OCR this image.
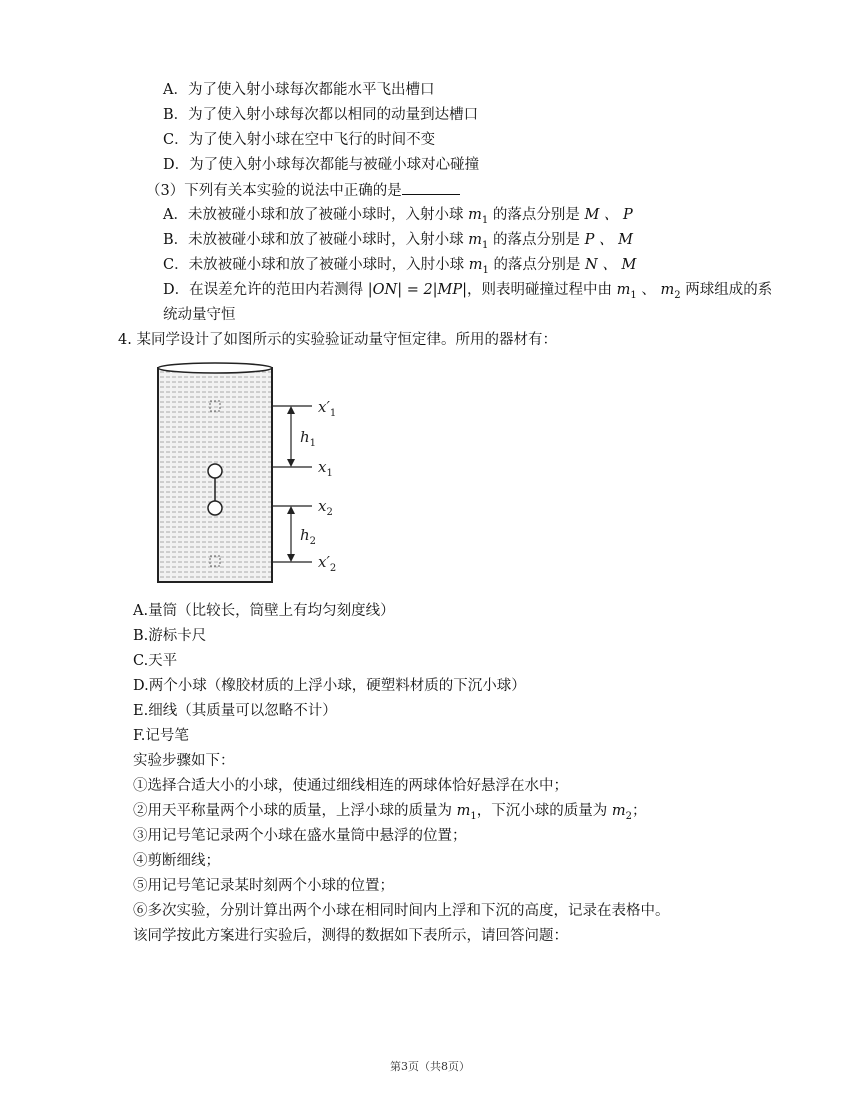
A．为了使入射小球每次都能水平飞出槽口
B．为了使入射小球每次都以相同的动量到达槽口
C．为了使入射小球在空中飞行的时间不变
D．为了使入射小球每次都能与被碰小球对心碰撞
（3）下列有关本实验的说法中正确的是
A．未放被碰小球和放了被碰小球时，入射小球 $m_1$ 的落点分别是 M 、 P
B．未放被碰小球和放了被碰小球时，入射小球 $m_1$ 的落点分别是 P 、 M
C．未放被碰小球和放了被碰小球时，入肘小球 $m_1$ 的落点分别是 N 、 M
D．在误差允许的范田内若测得 |ON| = 2|MP|，则表明碰撞过程中由 $m_1$ 、 $m_2$ 两球组成的系
统动量守恒
4. 某同学设计了如图所示的实验验证动量守恒定律。所用的器材有：
$x'_1$
$h_1$
$x_1$
$x_2$
$h_2$
$x'_2$
A.量筒（比较长，筒壁上有均匀刻度线）
B.游标卡尺
C.天平
D.两个小球（橡胶材质的上浮小球，硬塑料材质的下沉小球）
E.细线（其质量可以忽略不计）
F.记号笔
实验步骤如下：
①选择合适大小的小球，使通过细线相连的两球体恰好悬浮在水中；
②用天平称量两个小球的质量，上浮小球的质量为 $m_1$，下沉小球的质量为 $m_2$；
③用记号笔记录两个小球在盛水量筒中悬浮的位置；
④剪断细线；
⑤用记号笔记录某时刻两个小球的位置；
⑥多次实验，分别计算出两个小球在相同时间内上浮和下沉的高度，记录在表格中。
该同学按此方案进行实验后，测得的数据如下表所示，请回答问题：
第3页（共8页）
